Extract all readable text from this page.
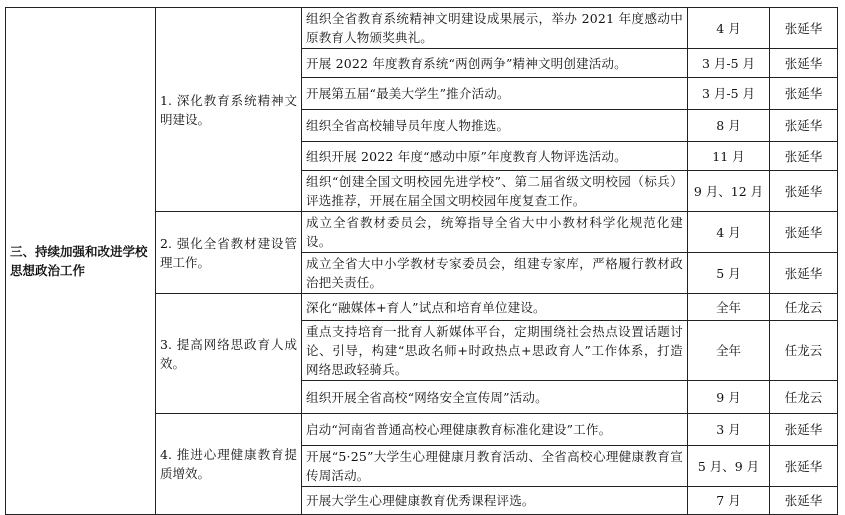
三、持续加强和改进学校思想政治工作	1. 深化教育系统精神文明建设。	组织全省教育系统精神文明建设成果展示，举办 2021 年度感动中原教育人物颁奖典礼。	4 月	张延华
		开展 2022 年度教育系统“两创两争”精神文明创建活动。	3 月-5 月	张延华
		开展第五届“最美大学生”推介活动。	3 月-5 月	张延华
		组织全省高校辅导员年度人物推选。	8 月	张延华
		组织开展 2022 年度“感动中原”年度教育人物评选活动。	11 月	张延华
		组织“创建全国文明校园先进学校”、第二届省级文明校园（标兵）评选推荐，开展在届全国文明校园年度复查工作。	9 月、12 月	张延华
	2. 强化全省教材建设管理工作。	成立全省教材委员会，统筹指导全省大中小教材科学化规范化建设。	4 月	张延华
		成立全省大中小学教材专家委员会，组建专家库，严格履行教材政治把关责任。	5 月	张延华
	3. 提高网络思政育人成效。	深化“融媒体+育人”试点和培育单位建设。	全年	任龙云
		重点支持培育一批育人新媒体平台，定期围绕社会热点设置话题讨论、引导，构建“思政名师+时政热点+思政育人”工作体系，打造网络思政轻骑兵。	全年	任龙云
		组织开展全省高校“网络安全宣传周”活动。	9 月	任龙云
	4. 推进心理健康教育提质增效。	启动“河南省普通高校心理健康教育标准化建设”工作。	3 月	张延华
		开展“5·25”大学生心理健康月教育活动、全省高校心理健康教育宣传周活动。	5 月、9 月	张延华
		开展大学生心理健康教育优秀课程评选。	7 月	张延华
